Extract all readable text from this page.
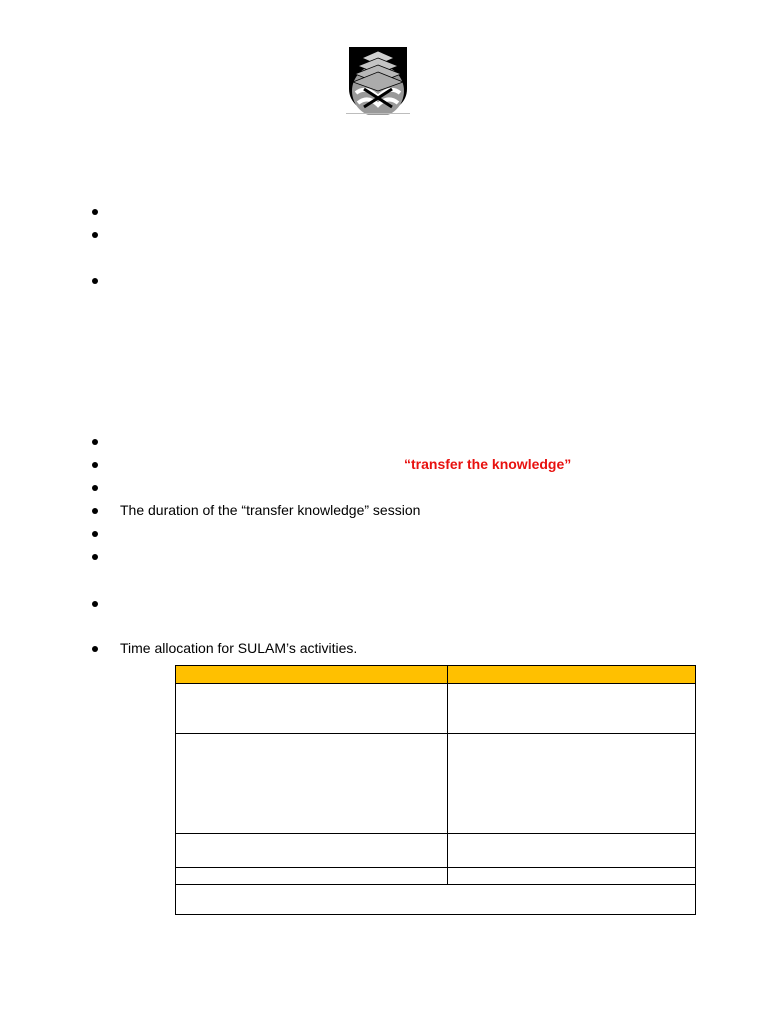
“transfer the knowledge”
The duration of the “transfer knowledge” session
Time allocation for SULAM’s activities.
